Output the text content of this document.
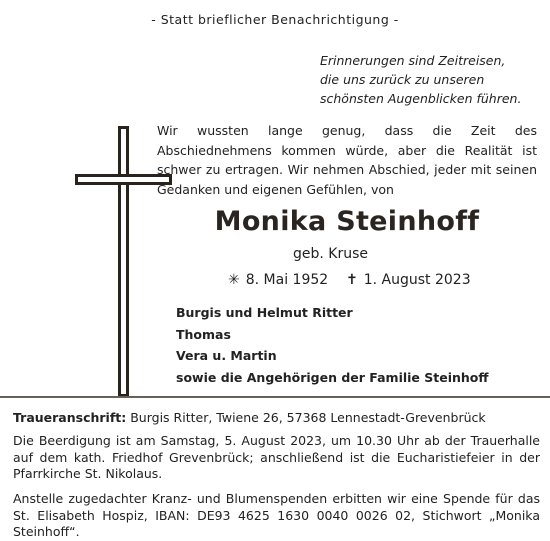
- Statt brieflicher Benachrichtigung -
Erinnerungen sind Zeitreisen,
die uns zurück zu unseren
schönsten Augenblicken führen.
Wir wussten lange genug, dass die Zeit des Abschiednehmens kommen würde, aber die Realität ist schwer zu ertragen. Wir nehmen Abschied, jeder mit seinen Gedanken und eigenen Gefühlen, von
Monika Steinhoff
geb. Kruse
✳ 8. Mai 1952 ✝ 1. August 2023
Burgis und Helmut Ritter
Thomas
Vera u. Martin
sowie die Angehörigen der Familie Steinhoff
Traueranschrift: Burgis Ritter, Twiene 26, 57368 Lennestadt-Grevenbrück
Die Beerdigung ist am Samstag, 5. August 2023, um 10.30 Uhr ab der Trauerhalle auf dem kath. Friedhof Grevenbrück; anschließend ist die Eucharistiefeier in der Pfarrkirche St. Nikolaus.
Anstelle zugedachter Kranz- und Blumenspenden erbitten wir eine Spende für das St. Elisabeth Hospiz, IBAN: DE93 4625 1630 0040 0026 02, Stichwort „Monika Steinhoff“.
